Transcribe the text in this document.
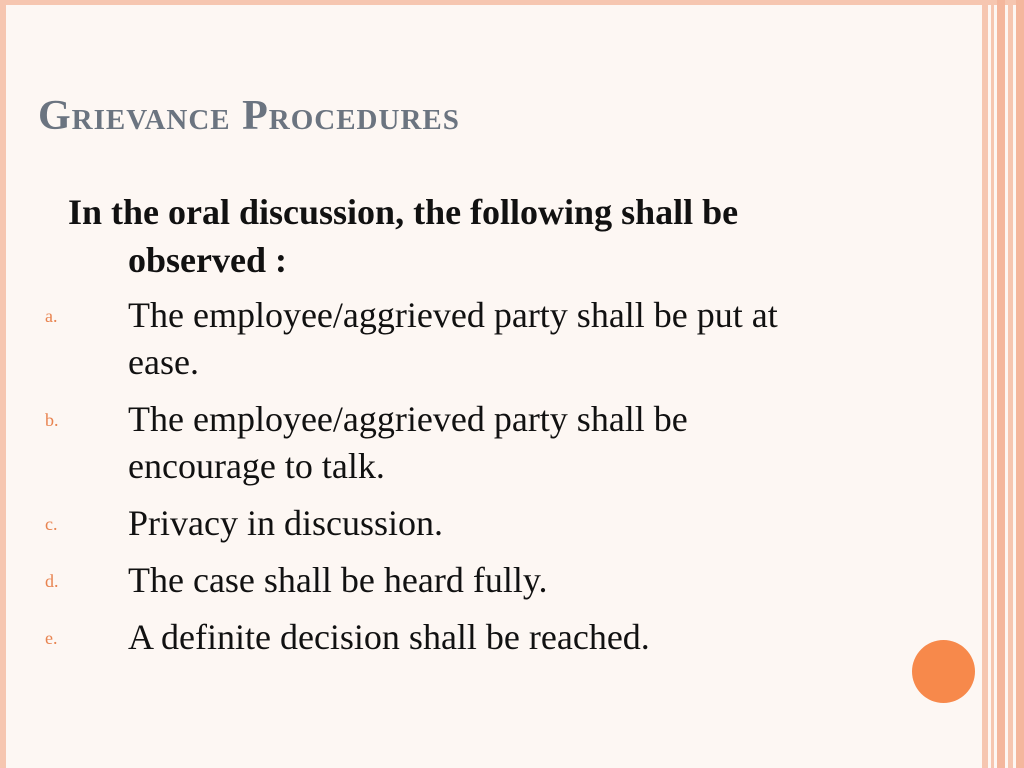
Grievance Procedures

In the oral discussion, the following shall be
observed :

a. The employee/aggrieved party shall be put at
ease.

b. The employee/aggrieved party shall be
encourage to talk.

c. Privacy in discussion.

d. The case shall be heard fully.

e. A definite decision shall be reached.
